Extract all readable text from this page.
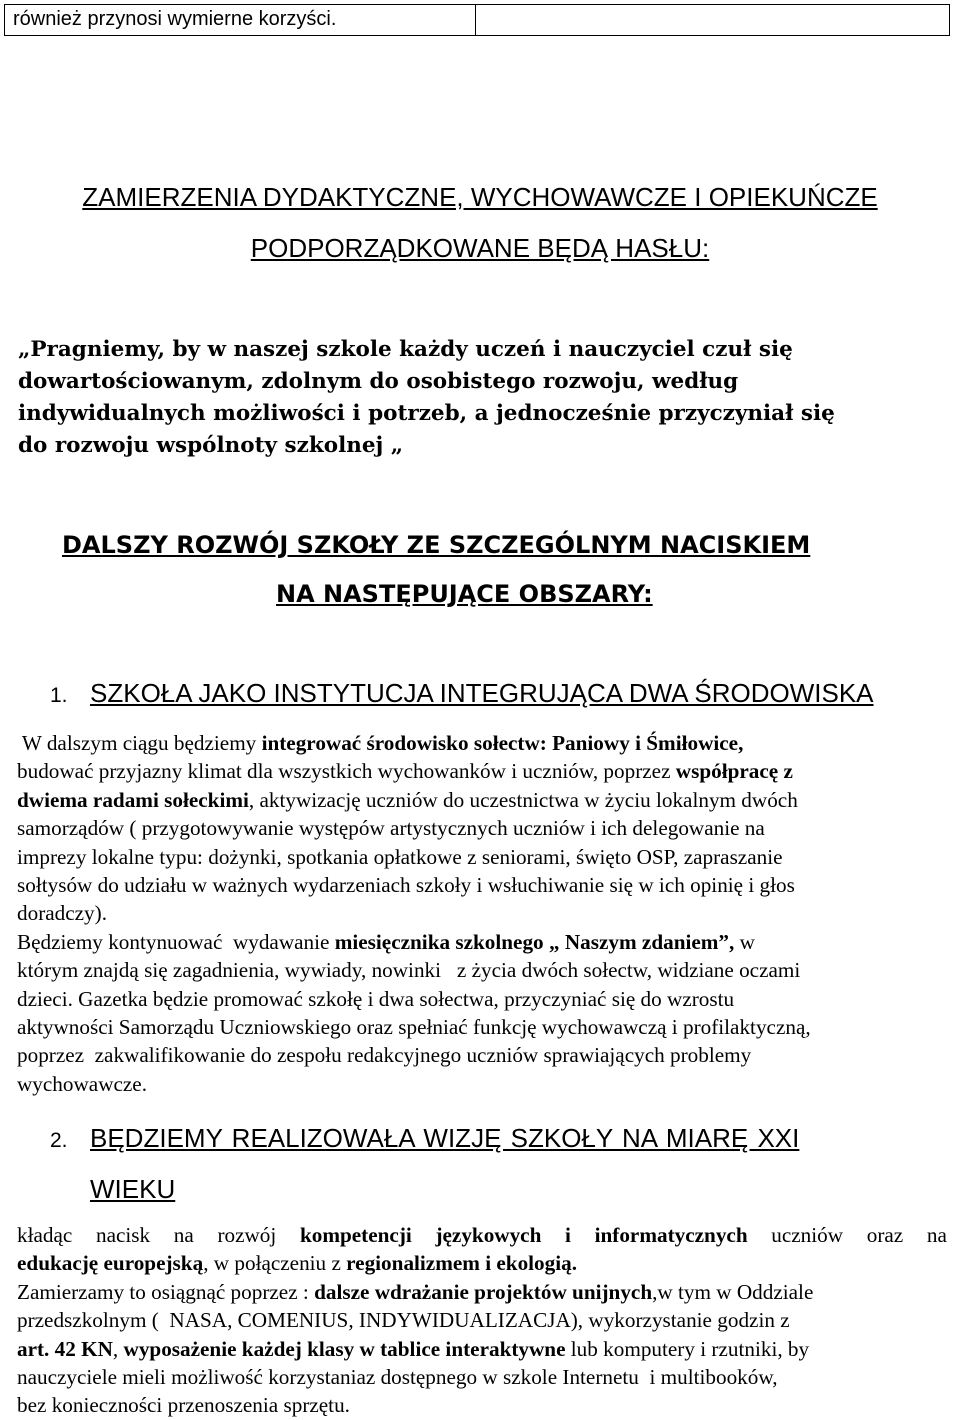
również przynosi wymierne korzyści.
ZAMIERZENIA DYDAKTYCZNE, WYCHOWAWCZE I OPIEKUŃCZE
PODPORZĄDKOWANE BĘDĄ HASŁU:
„Pragniemy, by w naszej szkole każdy uczeń i nauczyciel czuł się
dowartościowanym, zdolnym do osobistego rozwoju, według
indywidualnych możliwości i potrzeb, a jednocześnie przyczyniał się
do rozwoju wspólnoty szkolnej „
DALSZY ROZWÓJ SZKOŁY ZE SZCZEGÓLNYM NACISKIEM
NA NASTĘPUJĄCE OBSZARY:
1. SZKOŁA JAKO INSTYTUCJA INTEGRUJĄCA DWA ŚRODOWISKA
W dalszym ciągu będziemy integrować środowisko sołectw: Paniowy i Śmiłowice,
budować przyjazny klimat dla wszystkich wychowanków i uczniów, poprzez współpracę z
dwiema radami sołeckimi, aktywizację uczniów do uczestnictwa w życiu lokalnym dwóch
samorządów ( przygotowywanie występów artystycznych uczniów i ich delegowanie na
imprezy lokalne typu: dożynki, spotkania opłatkowe z seniorami, święto OSP, zapraszanie
sołtysów do udziału w ważnych wydarzeniach szkoły i wsłuchiwanie się w ich opinię i głos
doradczy).
Będziemy kontynuować  wydawanie miesięcznika szkolnego „ Naszym zdaniem”, w
którym znajdą się zagadnienia, wywiady, nowinki   z życia dwóch sołectw, widziane oczami
dzieci. Gazetka będzie promować szkołę i dwa sołectwa, przyczyniać się do wzrostu
aktywności Samorządu Uczniowskiego oraz spełniać funkcję wychowawczą i profilaktyczną,
poprzez  zakwalifikowanie do zespołu redakcyjnego uczniów sprawiających problemy
wychowawcze.
2. BĘDZIEMY REALIZOWAŁA WIZJĘ SZKOŁY NA MIARĘ XXI
WIEKU
kładąc nacisk na rozwój kompetencji językowych i informatycznych uczniów oraz na
edukację europejską, w połączeniu z regionalizmem i ekologią.
Zamierzamy to osiągnąć poprzez : dalsze wdrażanie projektów unijnych,w tym w Oddziale
przedszkolnym (  NASA, COMENIUS, INDYWIDUALIZACJA), wykorzystanie godzin z
art. 42 KN, wyposażenie każdej klasy w tablice interaktywne lub komputery i rzutniki, by
nauczyciele mieli możliwość korzystaniaz dostępnego w szkole Internetu  i multibooków,
bez konieczności przenoszenia sprzętu.
